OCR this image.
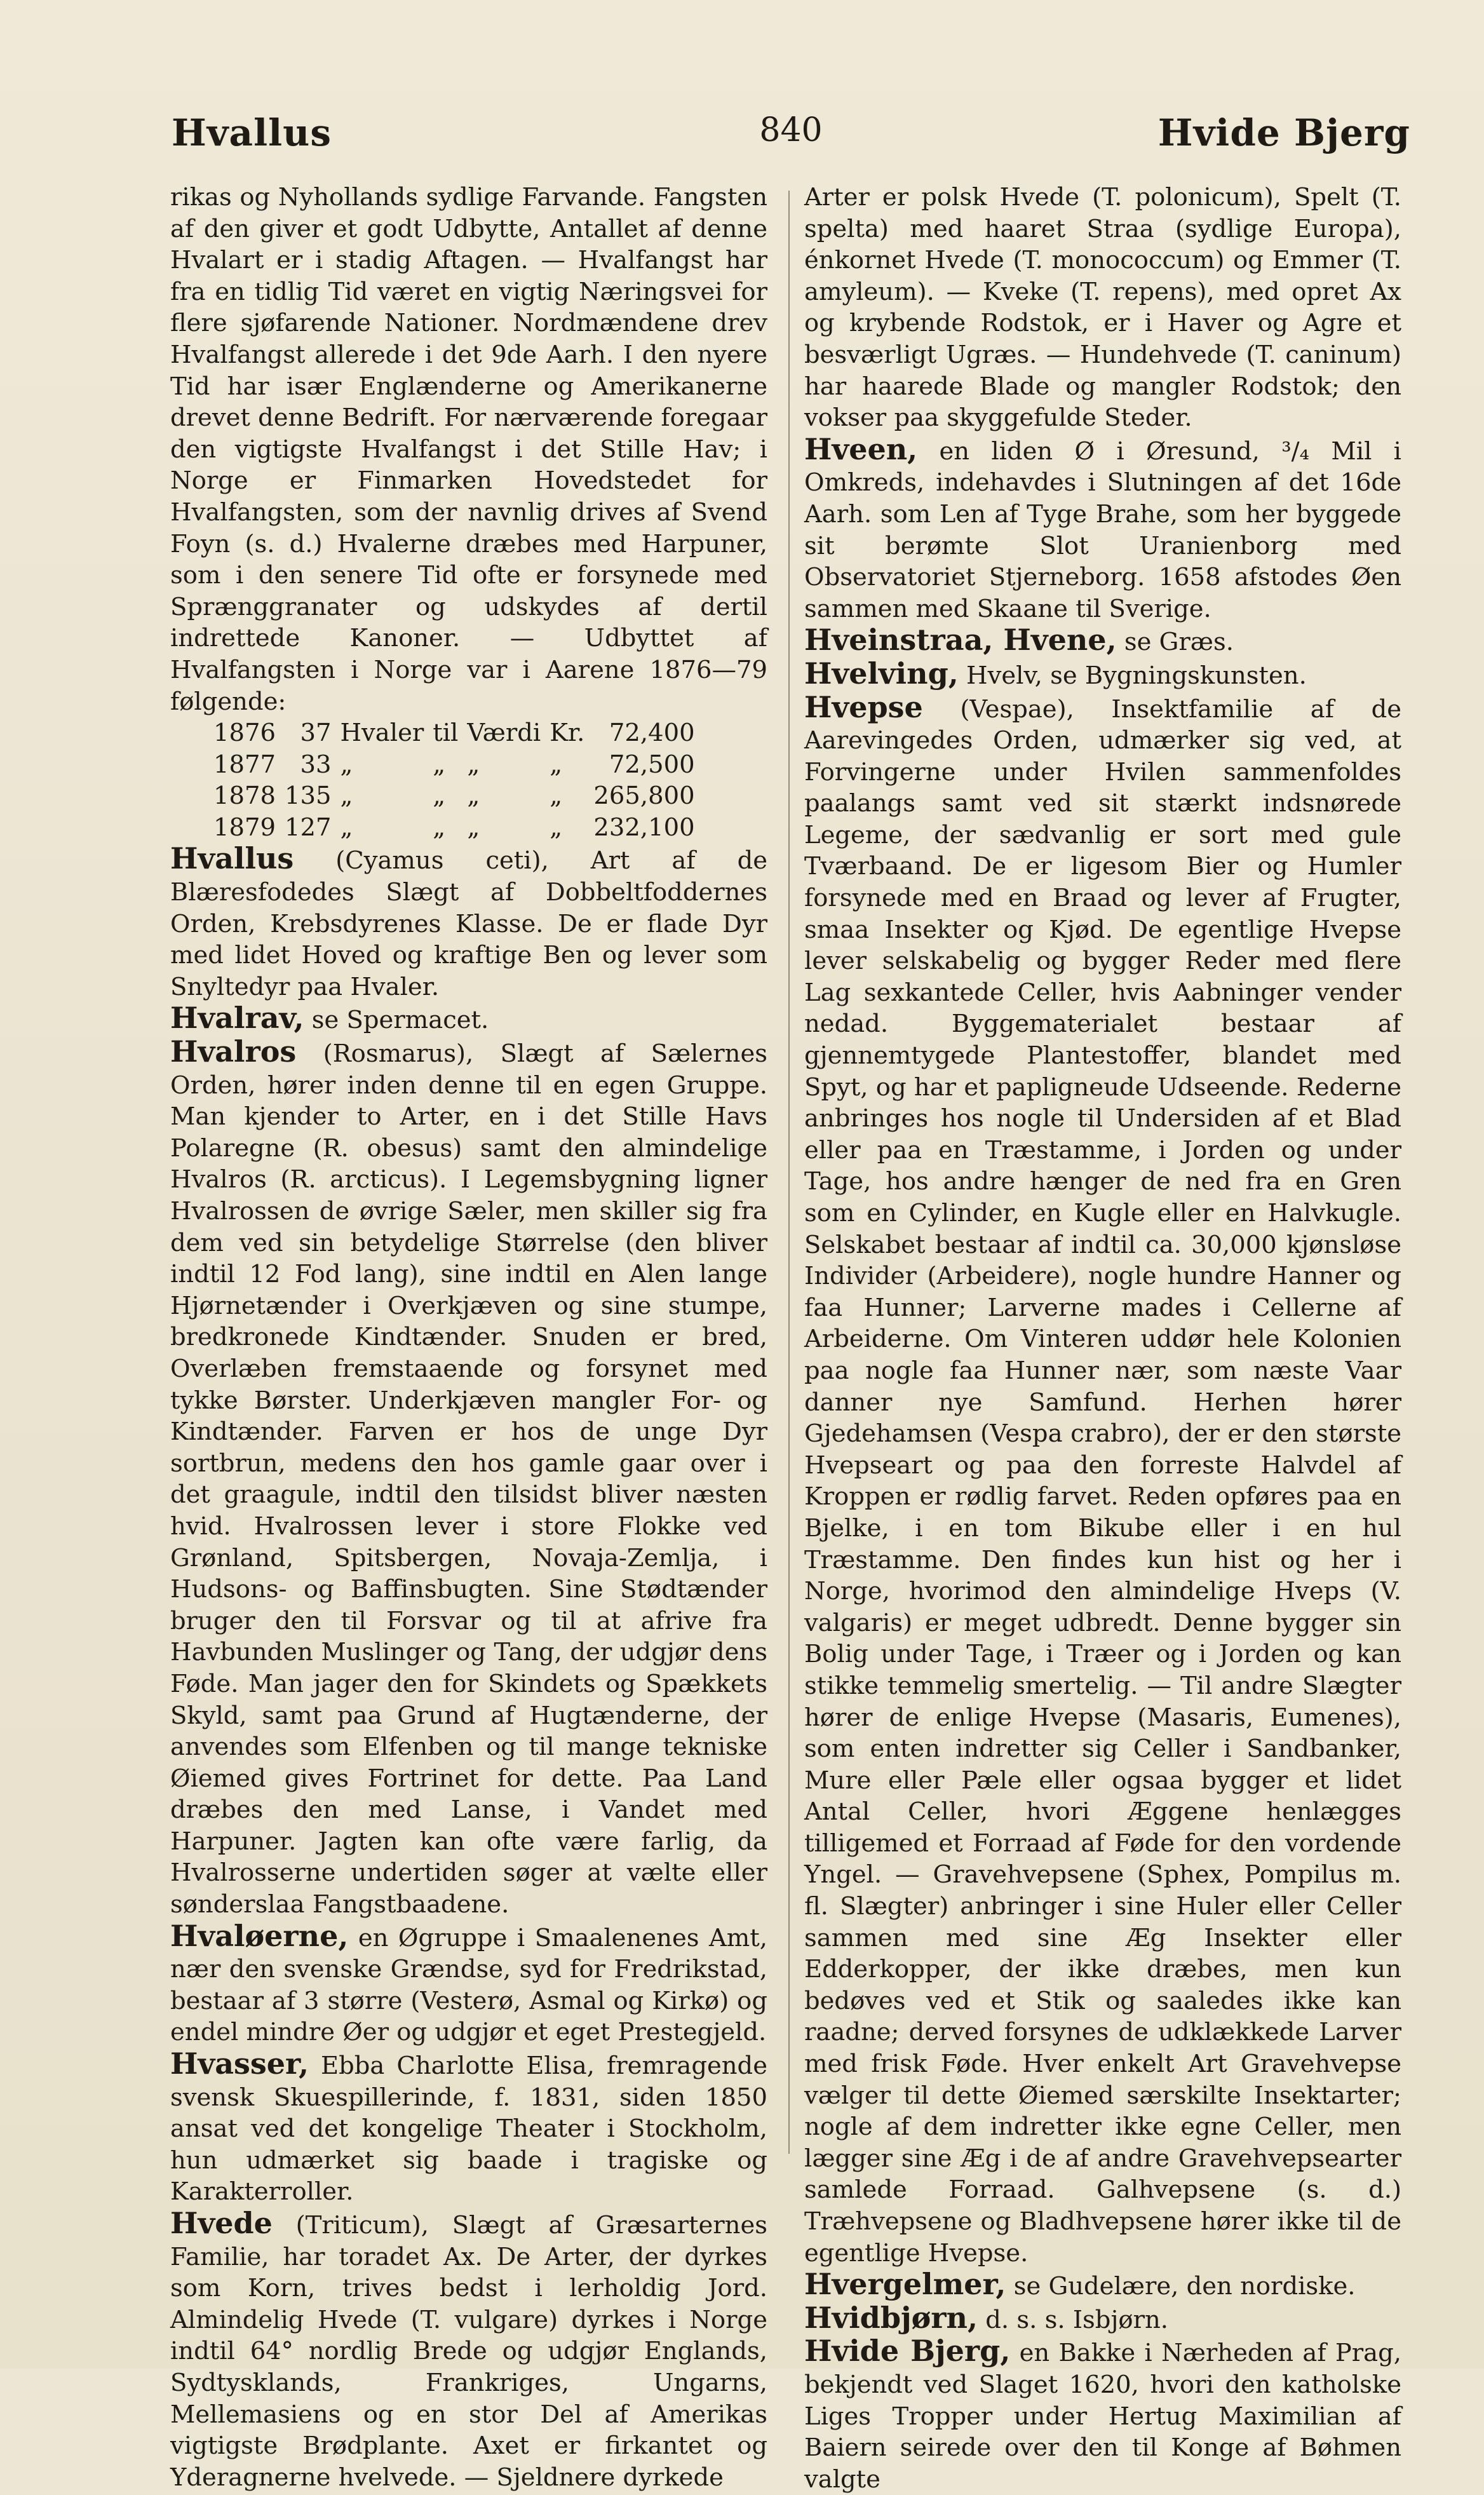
Hvallus	840	Hvide Bjerg

rikas og Nyhollands sydlige Farvande. Fangsten af den giver et godt Udbytte, Antallet af denne Hvalart er i stadig Aftagen. — Hvalfangst har fra en tidlig Tid været en vigtig Næringsvei for flere sjøfarende Nationer. Nordmændene drev Hvalfangst allerede i det 9de Aarh. I den nyere Tid har især Englænderne og Amerikanerne drevet denne Bedrift. For nærværende foregaar den vigtigste Hvalfangst i det Stille Hav; i Norge er Finmarken Hovedstedet for Hvalfangsten, som der navnlig drives af Svend Foyn (s. d.) Hvalerne dræbes med Harpuner, som i den senere Tid ofte er forsynede med Sprænggranater og udskydes af dertil indrettede Kanoner. — Udbyttet af Hvalfangsten i Norge var i Aarene 1876—79 følgende:

1876	37	Hvaler	til	Værdi	Kr.	72,400
1877	33	„	„	„	„	72,500
1878	135	„	„	„	„	265,800
1879	127	„	„	„	„	232,100

Hvallus (Cyamus ceti), Art af de Blæresfodedes Slægt af Dobbeltfoddernes Orden, Krebsdyrenes Klasse. De er flade Dyr med lidet Hoved og kraftige Ben og lever som Snyltedyr paa Hvaler.

Hvalrav, se Spermacet.

Hvalros (Rosmarus), Slægt af Sælernes Orden, hører inden denne til en egen Gruppe. Man kjender to Arter, en i det Stille Havs Polaregne (R. obesus) samt den almindelige Hvalros (R. arcticus). I Legemsbygning ligner Hvalrossen de øvrige Sæler, men skiller sig fra dem ved sin betydelige Størrelse (den bliver indtil 12 Fod lang), sine indtil en Alen lange Hjørnetænder i Overkjæven og sine stumpe, bredkronede Kindtænder. Snuden er bred, Overlæben fremstaaende og forsynet med tykke Børster. Underkjæven mangler For- og Kindtænder. Farven er hos de unge Dyr sortbrun, medens den hos gamle gaar over i det graagule, indtil den tilsidst bliver næsten hvid. Hvalrossen lever i store Flokke ved Grønland, Spitsbergen, Novaja-Zemlja, i Hudsons- og Baffinsbugten. Sine Stødtænder bruger den til Forsvar og til at afrive fra Havbunden Muslinger og Tang, der udgjør dens Føde. Man jager den for Skindets og Spækkets Skyld, samt paa Grund af Hugtænderne, der anvendes som Elfenben og til mange tekniske Øiemed gives Fortrinet for dette. Paa Land dræbes den med Lanse, i Vandet med Harpuner. Jagten kan ofte være farlig, da Hvalrosserne undertiden søger at vælte eller sønderslaa Fangstbaadene.

Hvaløerne, en Øgruppe i Smaalenenes Amt, nær den svenske Grændse, syd for Fredrikstad, bestaar af 3 større (Vesterø, Asmal og Kirkø) og endel mindre Øer og udgjør et eget Prestegjeld.

Hvasser, Ebba Charlotte Elisa, fremragende svensk Skuespillerinde, f. 1831, siden 1850 ansat ved det kongelige Theater i Stockholm, hun udmærket sig baade i tragiske og Karakterroller.

Hvede (Triticum), Slægt af Græsarternes Familie, har toradet Ax. De Arter, der dyrkes som Korn, trives bedst i lerholdig Jord. Almindelig Hvede (T. vulgare) dyrkes i Norge indtil 64° nordlig Brede og udgjør Englands, Sydtysklands, Frankriges, Ungarns, Mellemasiens og en stor Del af Amerikas vigtigste Brødplante. Axet er firkantet og Yderagnerne hvelvede. — Sjeldnere dyrkede

Arter er polsk Hvede (T. polonicum), Spelt (T. spelta) med haaret Straa (sydlige Europa), énkornet Hvede (T. monococcum) og Emmer (T. amyleum). — Kveke (T. repens), med opret Ax og krybende Rodstok, er i Haver og Agre et besværligt Ugræs. — Hundehvede (T. caninum) har haarede Blade og mangler Rodstok; den vokser paa skyggefulde Steder.

Hveen, en liden Ø i Øresund, ³/₄ Mil i Omkreds, indehavdes i Slutningen af det 16de Aarh. som Len af Tyge Brahe, som her byggede sit berømte Slot Uranienborg med Observatoriet Stjerneborg. 1658 afstodes Øen sammen med Skaane til Sverige.

Hveinstraa, Hvene, se Græs.

Hvelving, Hvelv, se Bygningskunsten.

Hvepse (Vespae), Insektfamilie af de Aarevingedes Orden, udmærker sig ved, at Forvingerne under Hvilen sammenfoldes paalangs samt ved sit stærkt indsnørede Legeme, der sædvanlig er sort med gule Tværbaand. De er ligesom Bier og Humler forsynede med en Braad og lever af Frugter, smaa Insekter og Kjød. De egentlige Hvepse lever selskabelig og bygger Reder med flere Lag sexkantede Celler, hvis Aabninger vender nedad. Byggematerialet bestaar af gjennemtygede Plantestoffer, blandet med Spyt, og har et papligneude Udseende. Rederne anbringes hos nogle til Undersiden af et Blad eller paa en Træstamme, i Jorden og under Tage, hos andre hænger de ned fra en Gren som en Cylinder, en Kugle eller en Halvkugle. Selskabet bestaar af indtil ca. 30,000 kjønsløse Individer (Arbeidere), nogle hundre Hanner og faa Hunner; Larverne mades i Cellerne af Arbeiderne. Om Vinteren uddør hele Kolonien paa nogle faa Hunner nær, som næste Vaar danner nye Samfund. Herhen hører Gjedehamsen (Vespa crabro), der er den største Hvepseart og paa den forreste Halvdel af Kroppen er rødlig farvet. Reden opføres paa en Bjelke, i en tom Bikube eller i en hul Træstamme. Den findes kun hist og her i Norge, hvorimod den almindelige Hveps (V. valgaris) er meget udbredt. Denne bygger sin Bolig under Tage, i Træer og i Jorden og kan stikke temmelig smertelig. — Til andre Slægter hører de enlige Hvepse (Masaris, Eumenes), som enten indretter sig Celler i Sandbanker, Mure eller Pæle eller ogsaa bygger et lidet Antal Celler, hvori Æggene henlægges tilligemed et Forraad af Føde for den vordende Yngel. — Gravehvepsene (Sphex, Pompilus m. fl. Slægter) anbringer i sine Huler eller Celler sammen med sine Æg Insekter eller Edderkopper, der ikke dræbes, men kun bedøves ved et Stik og saaledes ikke kan raadne; derved forsynes de udklækkede Larver med frisk Føde. Hver enkelt Art Gravehvepse vælger til dette Øiemed særskilte Insektarter; nogle af dem indretter ikke egne Celler, men lægger sine Æg i de af andre Gravehvepsearter samlede Forraad. Galhvepsene (s. d.) Træhvepsene og Bladhvepsene hører ikke til de egentlige Hvepse.

Hvergelmer, se Gudelære, den nordiske.

Hvidbjørn, d. s. s. Isbjørn.

Hvide Bjerg, en Bakke i Nærheden af Prag, bekjendt ved Slaget 1620, hvori den katholske Liges Tropper under Hertug Maximilian af Baiern seirede over den til Konge af Bøhmen valgte
